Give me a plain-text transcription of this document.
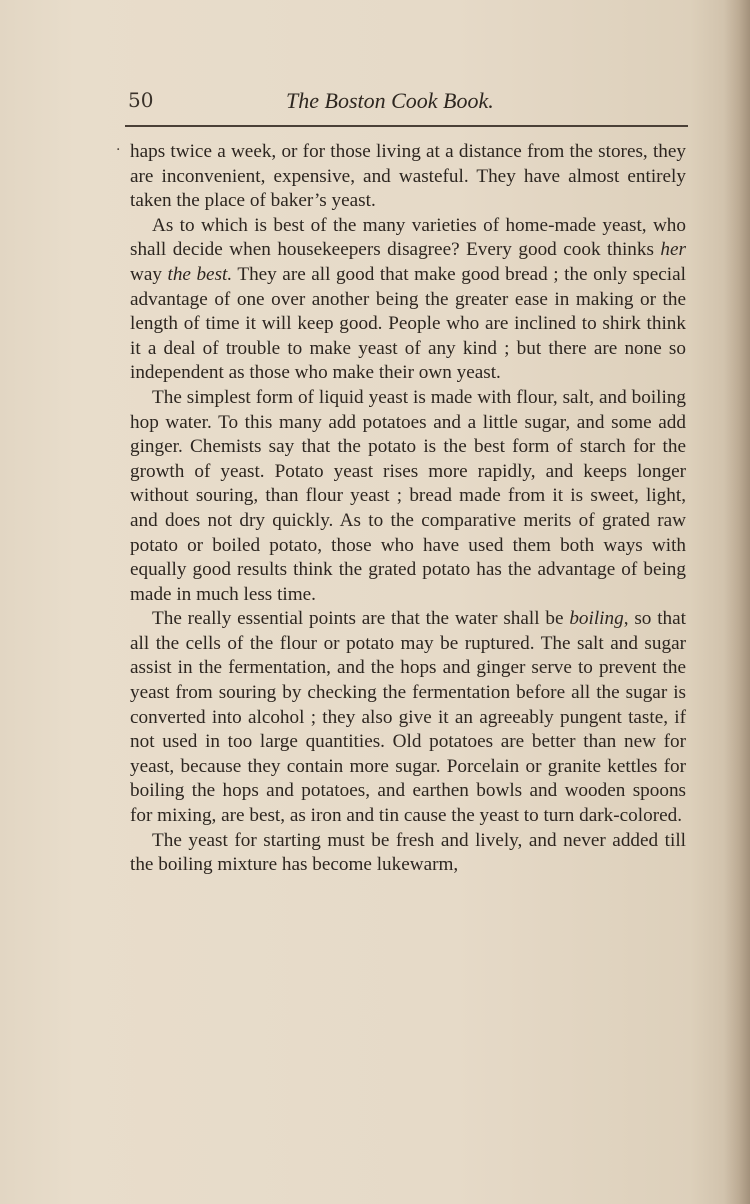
50	The Boston Cook Book.
· haps twice a week, or for those living at a distance from the stores, they are inconvenient, expensive, and wasteful. They have almost entirely taken the place of baker’s yeast.

As to which is best of the many varieties of home-made yeast, who shall decide when housekeepers disagree? Every good cook thinks her way the best. They are all good that make good bread ; the only special advantage of one over another being the greater ease in making or the length of time it will keep good. People who are inclined to shirk think it a deal of trouble to make yeast of any kind ; but there are none so independent as those who make their own yeast.

The simplest form of liquid yeast is made with flour, salt, and boiling hop water. To this many add potatoes and a little sugar, and some add ginger. Chemists say that the potato is the best form of starch for the growth of yeast. Potato yeast rises more rapidly, and keeps longer without souring, than flour yeast ; bread made from it is sweet, light, and does not dry quickly. As to the comparative merits of grated raw potato or boiled potato, those who have used them both ways with equally good results think the grated potato has the advantage of being made in much less time.

The really essential points are that the water shall be boiling, so that all the cells of the flour or potato may be ruptured. The salt and sugar assist in the fermentation, and the hops and ginger serve to prevent the yeast from souring by checking the fermentation before all the sugar is converted into alcohol ; they also give it an agreeably pungent taste, if not used in too large quantities. Old potatoes are better than new for yeast, because they contain more sugar. Porcelain or granite kettles for boiling the hops and potatoes, and earthen bowls and wooden spoons for mixing, are best, as iron and tin cause the yeast to turn dark-colored.

The yeast for starting must be fresh and lively, and never added till the boiling mixture has become lukewarm,
